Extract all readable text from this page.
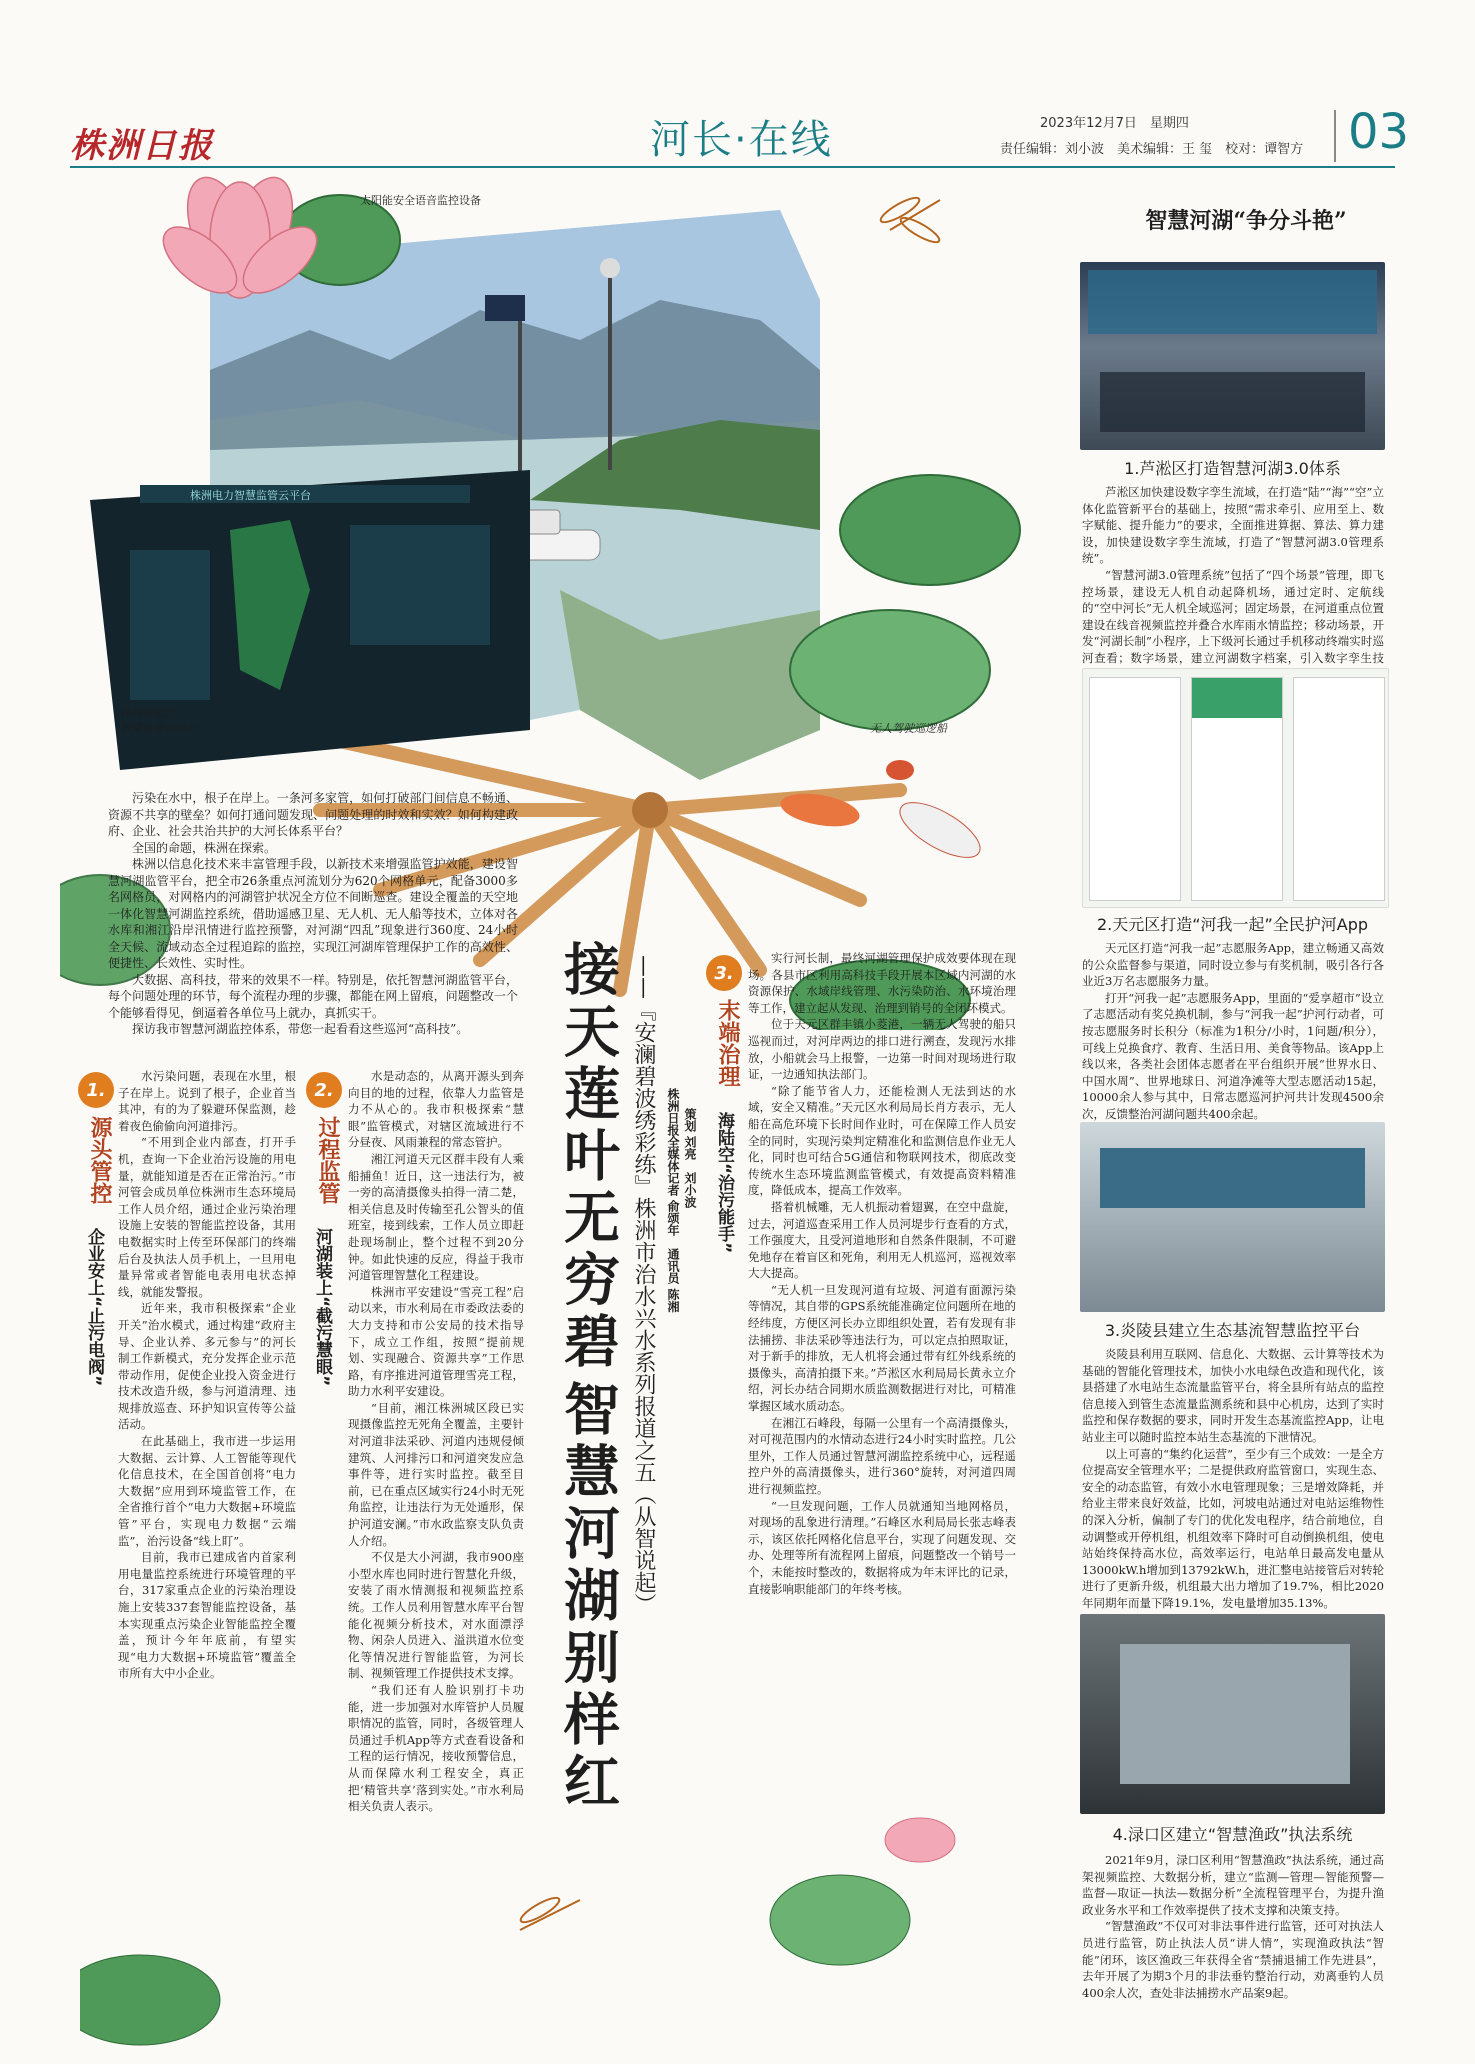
株洲日报	河长·在线	2023年12月7日　星期四
责任编辑：刘小波　美术编辑：王 玺　校对：谭智方 03
株洲电力智慧监管云平台
太阳能安全语音监控设备
株洲供电力
智慧监管云平台	无人驾驶巡逻船

污染在水中，根子在岸上。一条河多家管，如何打破部门间信息不畅通、资源不共享的壁垒？如何打通问题发现、问题处理的时效和实效？如何构建政府、企业、社会共治共护的大河长体系平台？

全国的命题，株洲在探索。

株洲以信息化技术来丰富管理手段，以新技术来增强监管护效能，建设智慧河湖监管平台，把全市26条重点河流划分为620个网格单元，配备3000多名网格员，对网格内的河湖管护状况全方位不间断巡查。建设全覆盖的天空地一体化智慧河湖监控系统，借助遥感卫星、无人机、无人船等技术，立体对各水库和湘江沿岸汛情进行监控预警，对河湖“四乱”现象进行360度、24小时全天候、流域动态全过程追踪的监控，实现江河湖库管理保护工作的高效性、便捷性、长效性、实时性。

大数据、高科技，带来的效果不一样。特别是，依托智慧河湖监管平台，每个问题处理的环节，每个流程办理的步骤，都能在网上留痕，问题整改一个个能够看得见，倒逼着各单位马上就办，真抓实干。

探访我市智慧河湖监控体系，带您一起看看这些巡河“高科技”。	接天莲叶无穷碧
智慧河湖别样红 ——『安澜碧波绣彩练』株洲市治水兴水系列报道之五（从智说起） 株洲日报全媒体记者 俞颂年　通讯员 陈湘 策划 刘亮　刘小波
1.
源头管控
企业安上“止污电阀”

水污染问题，表现在水里，根子在岸上。说到了根子，企业首当其冲，有的为了躲避环保监测，趁着夜色偷偷向河道排污。

“不用到企业内部查，打开手机，查询一下企业治污设施的用电量，就能知道是否在正常治污。”市河管会成员单位株洲市生态环境局工作人员介绍，通过企业污染治理设施上安装的智能监控设备，其用电数据实时上传至环保部门的终端后台及执法人员手机上，一旦用电量异常或者智能电表用电状态掉线，就能发警报。

近年来，我市积极探索“企业开关”治水模式，通过构建“政府主导、企业认养、多元参与”的河长制工作新模式，充分发挥企业示范带动作用，促使企业投入资金进行技术改造升级，参与河道清理、违规排放巡查、环护知识宣传等公益活动。

在此基础上，我市进一步运用大数据、云计算、人工智能等现代化信息技术，在全国首创将“电力大数据”应用到环境监管工作，在全省推行首个“电力大数据+环境监管”平台，实现电力数据“云端监”，治污设备“线上盯”。

目前，我市已建成省内首家利用电量监控系统进行环境管理的平台，317家重点企业的污染治理设施上安装337套智能监控设备，基本实现重点污染企业智能监控全覆盖，预计今年年底前，有望实现“电力大数据+环境监管”覆盖全市所有大中小企业。

2.
过程监管
河湖装上“截污慧眼”

水是动态的，从离开源头到奔向目的地的过程，依靠人力监管是力不从心的。我市积极探索“慧眼”监管模式，对辖区流域进行不分昼夜、风雨兼程的常态管护。

湘江河道天元区群丰段有人乘船捕鱼！近日，这一违法行为，被一旁的高清摄像头拍得一清二楚，相关信息及时传输至孔公智头的值班室，接到线索，工作人员立即赶赴现场制止，整个过程不到20分钟。如此快速的反应，得益于我市河道管理智慧化工程建设。

株洲市平安建设“雪亮工程”启动以来，市水利局在市委政法委的大力支持和市公安局的技术指导下，成立工作组，按照“提前规划、实现融合、资源共享”工作思路，有序推进河道管理雪亮工程，助力水利平安建设。

“目前，湘江株洲城区段已实现摄像监控无死角全覆盖，主要针对河道非法采砂、河道内违规侵倾建筑、人河排污口和河道突发应急事件等，进行实时监控。截至目前，已在重点区域实行24小时无死角监控，让违法行为无处遁形，保护河道安澜。”市水政监察支队负责人介绍。

不仅是大小河湖，我市900座小型水库也同时进行智慧化升级，安装了雨水情测报和视频监控系统。工作人员利用智慧水库平台智能化视频分析技术，对水面漂浮物、闲杂人员进入、溢洪道水位变化等情况进行智能监管，为河长制、视频管理工作提供技术支撑。

“我们还有人脸识别打卡功能，进一步加强对水库管护人员履职情况的监管，同时，各级管理人员通过手机App等方式查看设备和工程的运行情况，接收预警信息，从而保障水利工程安全，真正把‘精管共享’落到实处。”市水利局相关负责人表示。

3.
末端治理
海陆空“治污能手”

实行河长制，最终河湖管理保护成效要体现在现场。各县市区利用高科技手段开展本区域内河湖的水资源保护、水域岸线管理、水污染防治、水环境治理等工作，建立起从发现、治理到销号的全闭环模式。

位于天元区群丰镇小菱港，一辆无人驾驶的船只巡视而过，对河岸两边的排口进行溯查，发现污水排放，小船就会马上报警，一边第一时间对现场进行取证，一边通知执法部门。

“除了能节省人力，还能检测人无法到达的水域，安全又精准。”天元区水利局局长肖方表示，无人船在高危环境下长时间作业时，可在保障工作人员安全的同时，实现污染判定精准化和监测信息作业无人化，同时也可结合5G通信和物联网技术，彻底改变传统水生态环境监测监管模式，有效提高资料精准度，降低成本，提高工作效率。

搭着机械雕，无人机振动着翅翼，在空中盘旋，过去，河道巡查采用工作人员河堤步行查看的方式，工作强度大，且受河道地形和自然条件限制，不可避免地存在着盲区和死角，利用无人机巡河，巡视效率大大提高。

“无人机一旦发现河道有垃圾、河道有面源污染等情况，其自带的GPS系统能准确定位问题所在地的经纬度，方便区河长办立即组织处置，若有发现有非法捕捞、非法采砂等违法行为，可以定点拍照取证，对于新手的排放，无人机将会通过带有红外线系统的摄像头，高清拍摄下来。”芦淞区水利局局长黄永立介绍，河长办结合同期水质监测数据进行对比，可精准掌握区域水质动态。

在湘江石峰段，每隔一公里有一个高清摄像头，对可视范围内的水情动态进行24小时实时监控。几公里外，工作人员通过智慧河湖监控系统中心，远程遥控户外的高清摄像头，进行360°旋转，对河道四周进行视频监控。

“一旦发现问题，工作人员就通知当地网格员，对现场的乱象进行清理。”石峰区水利局局长张志峰表示，该区依托网格化信息平台，实现了问题发现、交办、处理等所有流程网上留痕，问题整改一个销号一个，未能按时整改的，数据将成为年末评比的记录，直接影响职能部门的年终考核。

智慧河湖“争分斗艳”
1.芦淞区打造智慧河湖3.0体系

芦淞区加快建设数字孪生流域，在打造“陆”“海”“空”立体化监管新平台的基础上，按照“需求牵引、应用至上、数字赋能、提升能力”的要求，全面推进算据、算法、算力建设，加快建设数字孪生流域，打造了“智慧河湖3.0管理系统”。

“智慧河湖3.0管理系统”包括了“四个场景”管理，即飞控场景，建设无人机自动起降机场，通过定时、定航线的“空中河长”无人机全域巡河；固定场景，在河道重点位置建设在线音视频监控并叠合水库雨水情监控；移动场景，开发“河湖长制”小程序，上下级河长通过手机移动终端实时巡河查看；数字场景，建立河湖数字档案，引入数字孪生技

2.天元区打造“河我一起”全民护河App

天元区打造“河我一起”志愿服务App，建立畅通又高效的公众监督参与渠道，同时设立参与有奖机制，吸引各行各业近3万名志愿服务力量。

打开“河我一起”志愿服务App，里面的“爱享超市”设立了志愿活动有奖兑换机制，参与“河我一起”护河行动者，可按志愿服务时长积分（标准为1积分/小时，1问题/积分），可线上兑换食疗、教育、生活日用、美食等物品。该App上线以来，各类社会团体志愿者在平台组织开展“世界水日、中国水周”、世界地球日、河道净滩等大型志愿活动15起，10000余人参与其中，日常志愿巡河护河共计发现4500余次，反馈整治河湖问题共400余起。

3.炎陵县建立生态基流智慧监控平台

炎陵县利用互联网、信息化、大数据、云计算等技术为基础的智能化管理技术，加快小水电绿色改造和现代化，该县搭建了水电站生态流量监管平台，将全县所有站点的监控信息接入到管生态流量监测系统和县中心机房，达到了实时监控和保存数据的要求，同时开发生态基流监控App，让电站业主可以随时监控本站生态基流的下泄情况。

以上可喜的“集约化运营”，至少有三个成效：一是全方位提高安全管理水平；二是提供政府监管窗口，实现生态、安全的动态监管，有效小水电管理现象；三是增效降耗，并给业主带来良好效益，比如，河坡电站通过对电站运维物性的深入分析，偏制了专门的优化发电程序，结合前地位，自动调整或开停机组，机组效率下降时可自动倒换机组，使电站始终保持高水位，高效率运行，电站单日最高发电量从13000kW.h增加到13792kW.h，进汇整电站接管后对转轮进行了更新升级，机组最大出力增加了19.7%，相比2020年同期年而量下降19.1%，发电量增加35.13%。

4.渌口区建立“智慧渔政”执法系统

2021年9月，渌口区利用“智慧渔政”执法系统，通过高架视频监控、大数据分析，建立“监测—管理—智能预警—监督—取证—执法—数据分析”全流程管理平台，为提升渔政业务水平和工作效率提供了技术支撑和决策支持。

“智慧渔政”不仅可对非法事件进行监管，还可对执法人员进行监管，防止执法人员“讲人情”，实现渔政执法“智能”闭环，该区渔政三年获得全省“禁捕退捕工作先进县”，去年开展了为期3个月的非法垂钓整治行动，劝离垂钓人员400余人次，查处非法捕捞水产品案9起。
